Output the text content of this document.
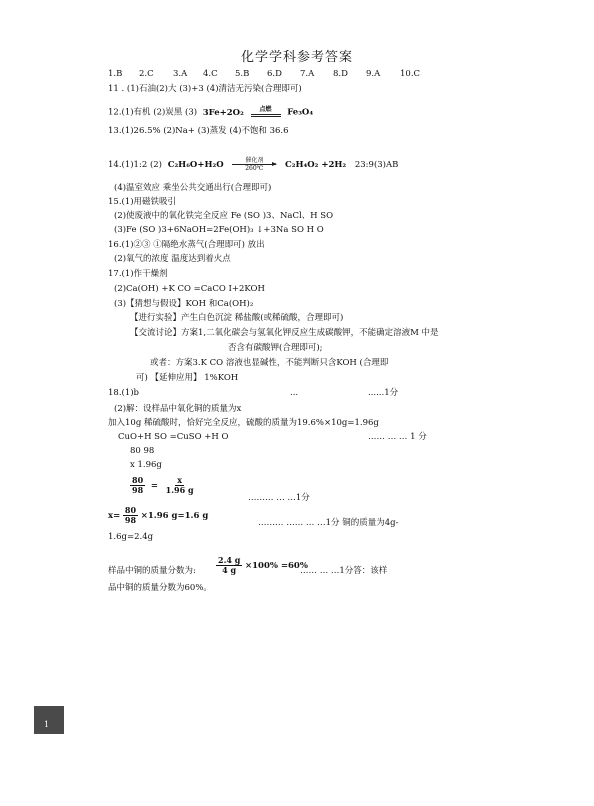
化学学科参考答案
1.B 2.C 3.A 4.C 5.B 6.D 7.A 8.D 9.A 10.C
11 . (1)石油(2)大 (3)+3 (4)清洁无污染(合理即可)
12.(1)有机 (2)炭黑 (3) 3Fe+2O₂	点燃 Fe₃O₄
13.(1)26.5% (2)Na+ (3)蒸发 (4)不饱和 36.6
14.(1)1:2 (2) C₂H₆O+H₂O	催化剂
260℃	C₂H₄O₂ +2H₂ 23:9(3)AB
(4)温室效应 乘坐公共交通出行(合理即可)
15.(1)用磁铁吸引
(2)使废液中的氧化铁完全反应 Fe (SO )3、NaCl、H SO
(3)Fe (SO )3+6NaOH=2Fe(OH)₃ ↓+3Na SO H O
16.(1)②③ ①隔绝水蒸气(合理即可) 放出
(2)氧气的浓度 温度达到着火点
17.(1)作干燥剂
(2)Ca(OH) +K CO =CaCO I+2KOH
(3)【猜想与假设】KOH 和Ca(OH)₂
【进行实验】产生白色沉淀 稀盐酸(或稀硫酸，合理即可)
【交流讨论】方案1,二氧化碳会与氢氧化钾反应生成碳酸钾，不能确定溶液M 中是
否含有碳酸钾(合理即可);
或者：方案3.K CO 溶液也显碱性，不能判断只含KOH (合理即
可) 【延伸应用】 1%KOH
18.(1)b	...	......1分
(2)解：设样品中氧化铜的质量为x
加入10g 稀硫酸时，恰好完全反应，硫酸的质量为19.6%×10g=1.96g
CuO+H SO =CuSO +H O	…… … … 1 分
80 98
x 1.96g
$\frac{80}{98} = \frac{x}{1.96 g}$
……… … …1分
$x= \frac{80}{98} \times 1.96$ g=1.6 g
……… …… … …1分 铜的质量为4g-
1.6g=2.4g
样品中铜的质量分数为:	$\frac{2.4 g}{4 g} \times 100\% =60\%$
…… … …1分答：该样
品中铜的质量分数为60%。
1
